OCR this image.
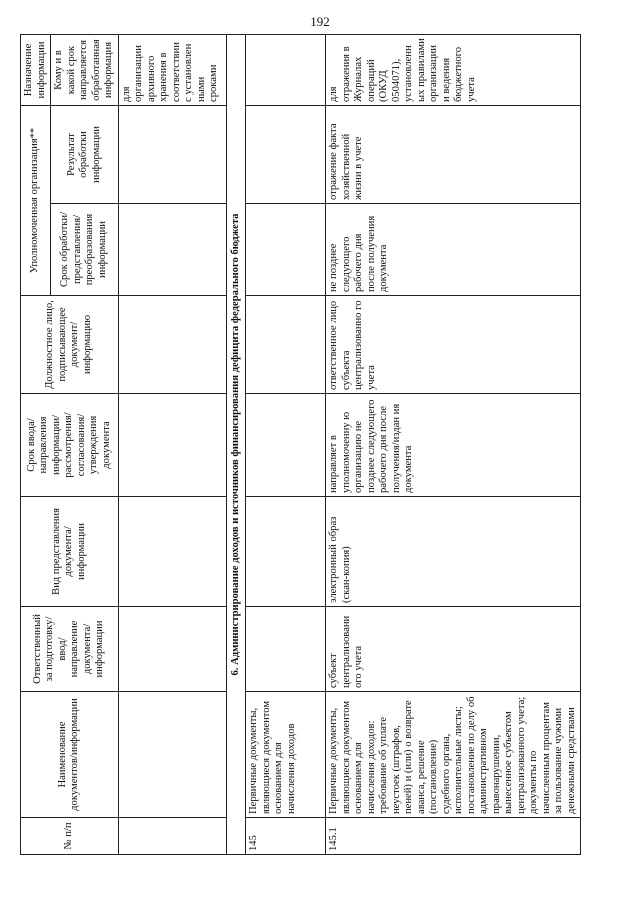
192
№ п/п	Наименование документов/информации	Ответственный за подготовку/ ввод/ направление документа/ информации	Вид представления документа/ информации	Срок ввода/ направления информации/ рассмотрения/ согласования/ утверждения документа	Должностное лицо, подписывающее документ/ информацию	Уполномоченная организация**		Назначение информации
						Срок обработки/ представления/ преобразования информации	Результат обработки информации	Кому и в какой срок направляется обработанная информация
								для организации архивного хранения в соответствии с установлен ными сроками
6. Администрирование доходов и источников финансирования дефицита федерального бюджета								
145	Первичные документы, являющиеся документом основанием для начисления доходов							
145.1	Первичные документы, являющиеся документом основанием для начисления доходов: требование об уплате неустоек (штрафов, пеней) и (или) о возврате аванса, решение (постановление) судебного органа, исполнительные листы; постановление по делу об административном правонарушении, вынесенное субъектом централизованного учета; документы по начисленным процентам за пользование чужими денежными средствами	субъект централизовани ого учета	электронный образ (скан-копия)	направляет в уполномоченну ю организацию не позднее следующего рабочего дня после получения/издан ия документа	ответственное лицо субъекта централизованно го учета	не позднее следующего рабочего дня после получения документа	отражение факта хозяйственной жизни в учете	для отражения в Журналах операций (ОКУД 0504071), установленн ых правилами организации и ведения бюджетного учета
